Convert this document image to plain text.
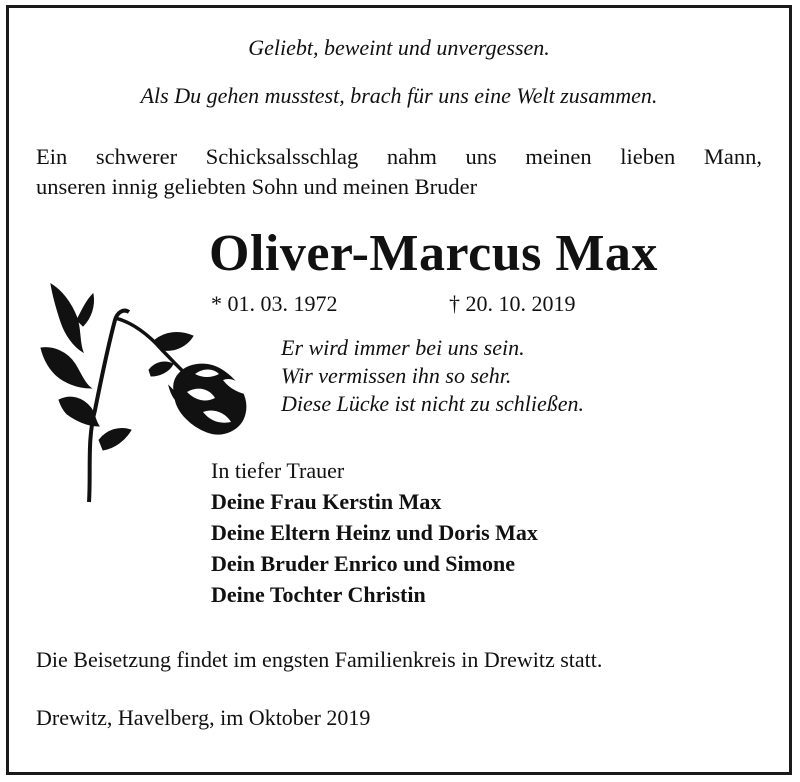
Geliebt, beweint und unvergessen.
Als Du gehen musstest, brach für uns eine Welt zusammen.
Ein schwerer Schicksalsschlag nahm uns meinen lieben Mann,
unseren innig geliebten Sohn und meinen Bruder
Oliver-Marcus Max
* 01. 03. 1972	† 20. 10. 2019
Er wird immer bei uns sein.
Wir vermissen ihn so sehr.
Diese Lücke ist nicht zu schließen.
In tiefer Trauer
Deine Frau Kerstin Max
Deine Eltern Heinz und Doris Max
Dein Bruder Enrico und Simone
Deine Tochter Christin
Die Beisetzung findet im engsten Familienkreis in Drewitz statt.
Drewitz, Havelberg, im Oktober 2019
